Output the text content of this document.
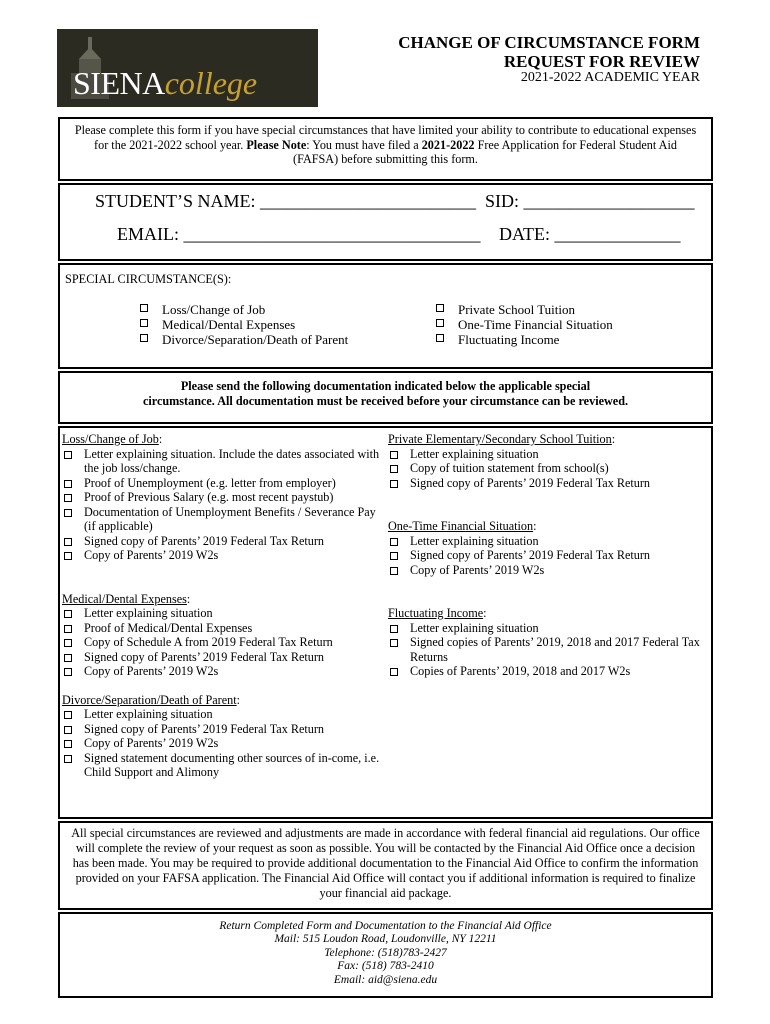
SIENAcollege
CHANGE OF CIRCUMSTANCE FORM
REQUEST FOR REVIEW
2021-2022 ACADEMIC YEAR
Please complete this form if you have special circumstances that have limited your ability to contribute to educational expenses for the 2021-2022 school year. Please Note: You must have filed a 2021-2022 Free Application for Federal Student Aid (FAFSA) before submitting this form.
STUDENT’S NAME: ________________________ SID: ___________________
EMAIL: _________________________________ DATE: ______________
SPECIAL CIRCUMSTANCE(S):
Loss/Change of Job
Medical/Dental Expenses
Divorce/Separation/Death of Parent
Private School Tuition
One-Time Financial Situation
Fluctuating Income
Please send the following documentation indicated below the applicable special
circumstance. All documentation must be received before your circumstance can be reviewed.
Loss/Change of Job:
Letter explaining situation. Include the dates associated with the job loss/change.
Proof of Unemployment (e.g. letter from employer)
Proof of Previous Salary (e.g. most recent paystub)
Documentation of Unemployment Benefits / Severance Pay (if applicable)
Signed copy of Parents’ 2019 Federal Tax Return
Copy of Parents’ 2019 W2s
Medical/Dental Expenses:
Letter explaining situation
Proof of Medical/Dental Expenses
Copy of Schedule A from 2019 Federal Tax Return
Signed copy of Parents’ 2019 Federal Tax Return
Copy of Parents’ 2019 W2s
Divorce/Separation/Death of Parent:
Letter explaining situation
Signed copy of Parents’ 2019 Federal Tax Return
Copy of Parents’ 2019 W2s
Signed statement documenting other sources of in-come, i.e. Child Support and Alimony
Private Elementary/Secondary School Tuition:
Letter explaining situation
Copy of tuition statement from school(s)
Signed copy of Parents’ 2019 Federal Tax Return
One-Time Financial Situation:
Letter explaining situation
Signed copy of Parents’ 2019 Federal Tax Return
Copy of Parents’ 2019 W2s
Fluctuating Income:
Letter explaining situation
Signed copies of Parents’ 2019, 2018 and 2017 Federal Tax Returns
Copies of Parents’ 2019, 2018 and 2017 W2s
All special circumstances are reviewed and adjustments are made in accordance with federal financial aid regulations. Our office will complete the review of your request as soon as possible. You will be contacted by the Financial Aid Office once a decision has been made. You may be required to provide additional documentation to the Financial Aid Office to confirm the information provided on your FAFSA application. The Financial Aid Office will contact you if additional information is required to finalize your financial aid package.
Return Completed Form and Documentation to the Financial Aid Office
Mail: 515 Loudon Road, Loudonville, NY 12211
Telephone: (518)783-2427
Fax: (518) 783-2410
Email: aid@siena.edu
